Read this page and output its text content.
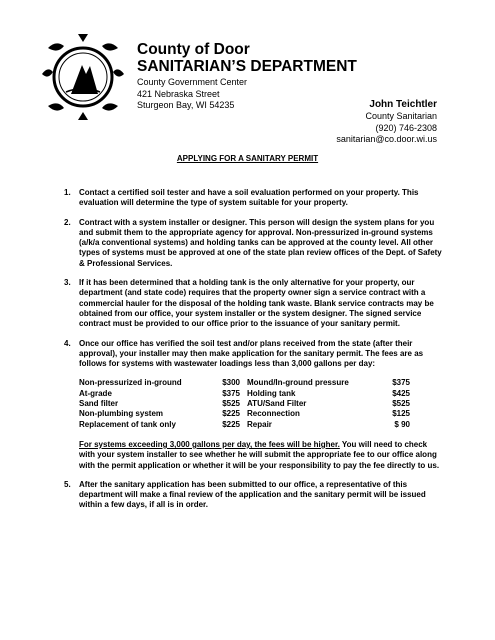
County of Door
SANITARIAN’S DEPARTMENT
County Government Center
421 Nebraska Street
Sturgeon Bay, WI 54235	John Teichtler
County Sanitarian
(920) 746-2308
sanitarian@co.door.wi.us
APPLYING FOR A SANITARY PERMIT
1. Contact a certified soil tester and have a soil evaluation performed on your property. This evaluation will determine the type of system suitable for your property.
2. Contract with a system installer or designer. This person will design the system plans for you and submit them to the appropriate agency for approval. Non-pressurized in-ground systems (a/k/a conventional systems) and holding tanks can be approved at the county level. All other types of systems must be approved at one of the state plan review offices of the Dept. of Safety & Professional Services.
3. If it has been determined that a holding tank is the only alternative for your property, our department (and state code) requires that the property owner sign a service contract with a commercial hauler for the disposal of the holding tank waste. Blank service contracts may be obtained from our office, your system installer or the system designer. The signed service contract must be provided to our office prior to the issuance of your sanitary permit.
4. Once our office has verified the soil test and/or plans received from the state (after their approval), your installer may then make application for the sanitary permit. The fees are as follows for systems with wastewater loadings less than 3,000 gallons per day:
Non-pressurized in-ground	$300 Mound/In-ground pressure	$375
At-grade	$375 Holding tank	$425
Sand filter	$525 ATU/Sand Filter	$525
Non-plumbing system	$225 Reconnection	$125
Replacement of tank only	$225 Repair	$ 90
For systems exceeding 3,000 gallons per day, the fees will be higher. You will need to check with your system installer to see whether he will submit the appropriate fee to our office along with the permit application or whether it will be your responsibility to pay the fee directly to us.
5. After the sanitary application has been submitted to our office, a representative of this department will make a final review of the application and the sanitary permit will be issued within a few days, if all is in order.
